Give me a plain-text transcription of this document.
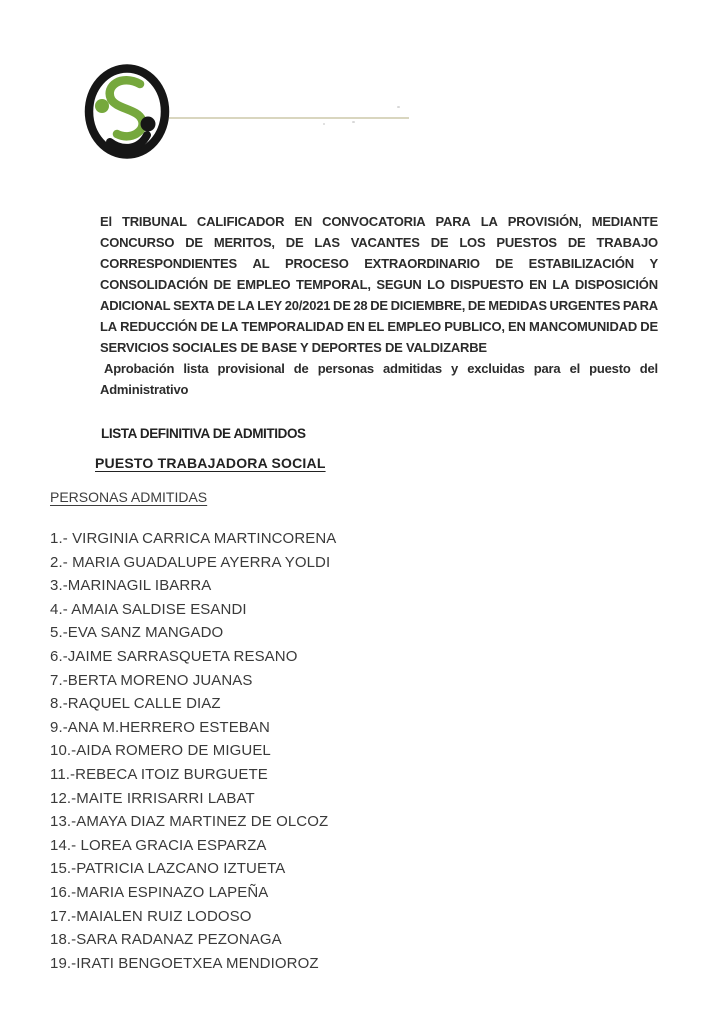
El TRIBUNAL CALIFICADOR EN CONVOCATORIA PARA LA PROVISIÓN, MEDIANTE
CONCURSO DE MERITOS, DE LAS VACANTES DE LOS PUESTOS DE TRABAJO
CORRESPONDIENTES AL PROCESO EXTRAORDINARIO DE ESTABILIZACIÓN Y
CONSOLIDACIÓN DE EMPLEO TEMPORAL, SEGUN LO DISPUESTO EN LA DISPOSICIÓN
ADICIONAL SEXTA DE LA LEY 20/2021 DE 28 DE DICIEMBRE, DE MEDIDAS URGENTES PARA
LA REDUCCIÓN DE LA TEMPORALIDAD EN EL EMPLEO PUBLICO, EN MANCOMUNIDAD DE
SERVICIOS SOCIALES DE BASE Y DEPORTES DE VALDIZARBE
Aprobación lista provisional de personas admitidas y excluidas para el puesto del
Administrativo
LISTA DEFINITIVA DE ADMITIDOS
PUESTO TRABAJADORA SOCIAL
PERSONAS ADMITIDAS
1.- VIRGINIA CARRICA MARTINCORENA
2.- MARIA GUADALUPE AYERRA YOLDI
3.-MARINAGIL IBARRA
4.- AMAIA SALDISE ESANDI
5.-EVA SANZ MANGADO
6.-JAIME SARRASQUETA RESANO
7.-BERTA MORENO JUANAS
8.-RAQUEL CALLE DIAZ
9.-ANA M.HERRERO ESTEBAN
10.-AIDA ROMERO DE MIGUEL
11.-REBECA ITOIZ BURGUETE
12.-MAITE IRRISARRI LABAT
13.-AMAYA DIAZ MARTINEZ DE OLCOZ
14.- LOREA GRACIA ESPARZA
15.-PATRICIA LAZCANO IZTUETA
16.-MARIA ESPINAZO LAPEÑA
17.-MAIALEN RUIZ LODOSO
18.-SARA RADANAZ PEZONAGA
19.-IRATI BENGOETXEA MENDIOROZ
